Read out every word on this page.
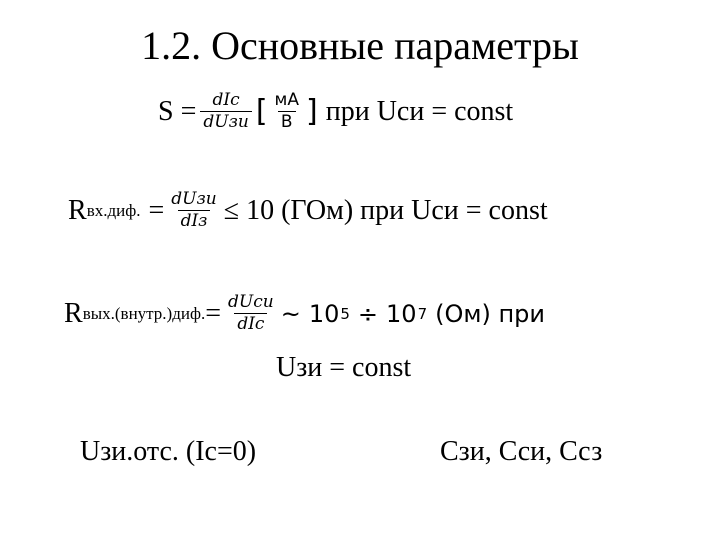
1.2. Основные параметры
$S = \frac{\text{dIc}}{\text{dUзи}}$ [ $\frac{мА}{В}$ ] при Uси = const
R вх.диф. = $\frac{\text{dUзи}}{\text{dIз}} \le 10$ (ГОм) при Uси = const
R вых.(внутр.)диф. = $\frac{\text{dUси}}{\text{dIc}}$ ~ 10 5 ÷ 10 7 (Ом) при
Uзи = const
Uзи.отс. (Ic=0)	Сзи, Сси, Ссз
